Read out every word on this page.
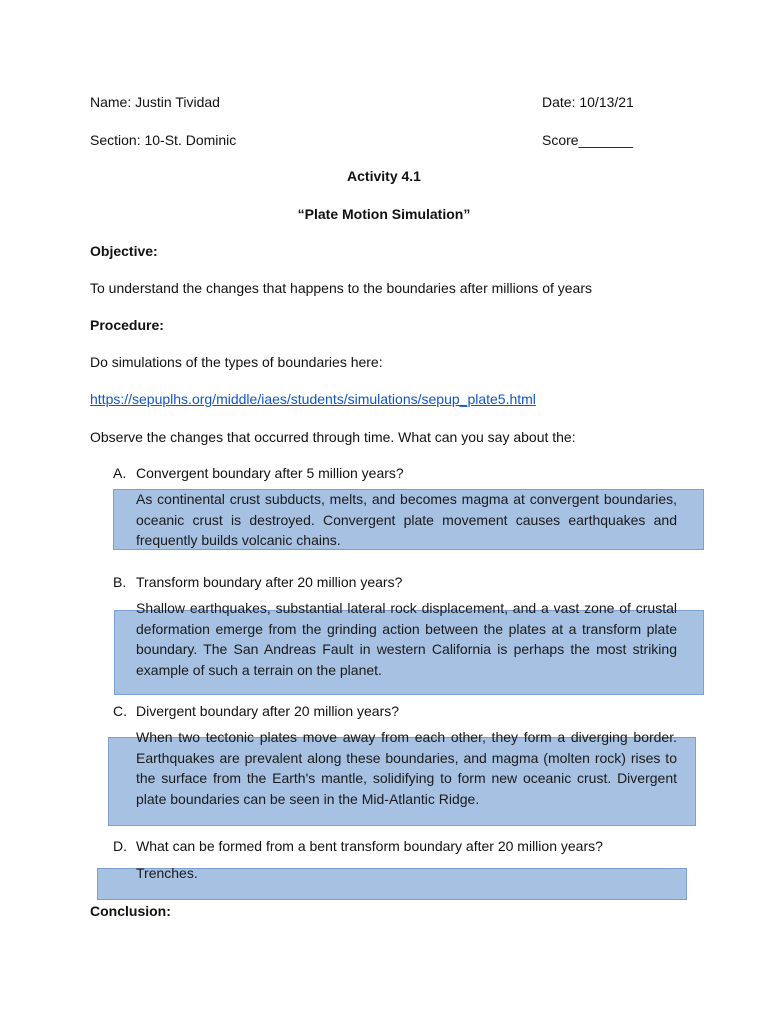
Name: Justin Tividad	Date: 10/13/21
Section: 10-St. Dominic	Score_______
Activity 4.1
“Plate Motion Simulation”
Objective:
To understand the changes that happens to the boundaries after millions of years
Procedure:
Do simulations of the types of boundaries here:
https://sepuplhs.org/middle/iaes/students/simulations/sepup_plate5.html
Observe the changes that occurred through time. What can you say about the:
A. Convergent boundary after 5 million years?
As continental crust subducts, melts, and becomes magma at convergent boundaries, oceanic crust is destroyed. Convergent plate movement causes earthquakes and frequently builds volcanic chains.
B. Transform boundary after 20 million years?
Shallow earthquakes, substantial lateral rock displacement, and a vast zone of crustal deformation emerge from the grinding action between the plates at a transform plate boundary. The San Andreas Fault in western California is perhaps the most striking example of such a terrain on the planet.
C. Divergent boundary after 20 million years?
When two tectonic plates move away from each other, they form a diverging border. Earthquakes are prevalent along these boundaries, and magma (molten rock) rises to the surface from the Earth's mantle, solidifying to form new oceanic crust. Divergent plate boundaries can be seen in the Mid-Atlantic Ridge.
D. What can be formed from a bent transform boundary after 20 million years?
Trenches.
Conclusion:
